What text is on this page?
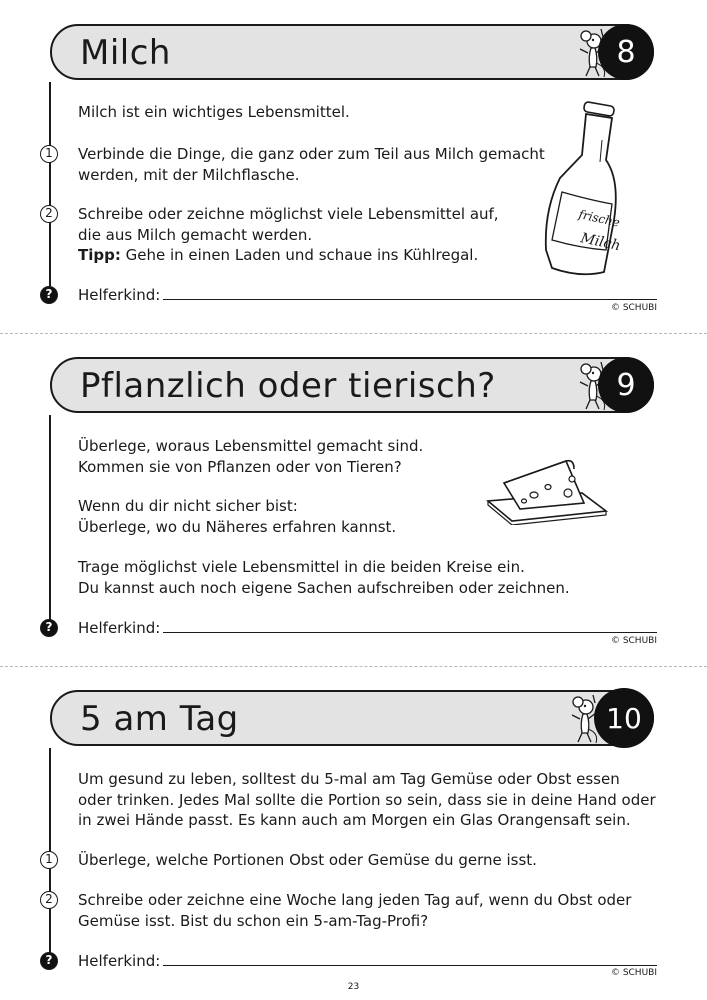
Milch	8
Milch ist ein wichtiges Lebensmittel.
1	Verbinde die Dinge, die ganz oder zum Teil aus Milch gemacht
werden, mit der Milchflasche.
2	Schreibe oder zeichne möglichst viele Lebensmittel auf,
die aus Milch gemacht werden.
Tipp: Gehe in einen Laden und schaue ins Kühlregal.
?	Helferkind:
© SCHUBI
frische
Milch
Pflanzlich oder tierisch?	9
Überlege, woraus Lebensmittel gemacht sind.
Kommen sie von Pflanzen oder von Tieren?
Wenn du dir nicht sicher bist:
Überlege, wo du Näheres erfahren kannst.
Trage möglichst viele Lebensmittel in die beiden Kreise ein.
Du kannst auch noch eigene Sachen aufschreiben oder zeichnen.
?	Helferkind:
© SCHUBI
5 am Tag	10
Um gesund zu leben, solltest du 5-mal am Tag Gemüse oder Obst essen
oder trinken. Jedes Mal sollte die Portion so sein, dass sie in deine Hand oder
in zwei Hände passt. Es kann auch am Morgen ein Glas Orangensaft sein.
1	Überlege, welche Portionen Obst oder Gemüse du gerne isst.
2	Schreibe oder zeichne eine Woche lang jeden Tag auf, wenn du Obst oder
Gemüse isst. Bist du schon ein 5-am-Tag-Profi?
?	Helferkind:
© SCHUBI
23
